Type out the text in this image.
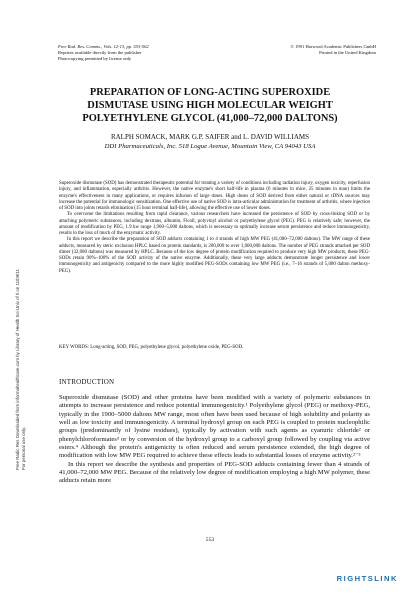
Free Rad. Res. Comms., Vols. 12-13, pp. 553-562
Reprints available directly from the publisher
Photocopying permitted by license only
© 1991 Harwood Academic Publishers GmbH
Printed in the United Kingdom
PREPARATION OF LONG-ACTING SUPEROXIDE
DISMUTASE USING HIGH MOLECULAR WEIGHT
POLYETHYLENE GLYCOL (41,000–72,000 DALTONS)
RALPH SOMACK, MARK G.P. SAIFER and L. DAVID WILLIAMS
DDI Pharmaceuticals, Inc. 518 Logue Avenue, Mountain View, CA 94043 USA

Superoxide dismutase (SOD) has demonstrated therapeutic potential for treating a variety of conditions including radiation injury, oxygen toxicity, reperfusion injury, and inflammation, especially arthritis. However, the native enzyme's short half-life in plasma (6 minutes in mice, 25 minutes in man) limits the enzyme's effectiveness in many applications, or requires infusion of large doses. High doses of SOD derived from either natural or rDNA sources may increase the potential for immunologic sensitization. One effective use of native SOD is intra-articular administration for treatment of arthritis, where injection of SOD into joints retards elimination (15 hour terminal half-life), allowing the effective use of lower doses.

To overcome the limitations resulting from rapid clearance, various researchers have increased the persistence of SOD by cross-linking SOD or by attaching polymeric substances, including dextrans, albumin, Ficoll, polyvinyl alcohol or polyethylene glycol (PEG). PEG is relatively safe; however, the amount of modification by PEG, 1.9 kw range 1,900–5,000 daltons, which is necessary to optimally increase serum persistence and reduce immunogenicity, results in the loss of much of the enzymatic activity.

In this report we describe the preparation of SOD adducts containing 1 to 4 strands of high MW PEG (41,000–72,000 daltons). The MW range of these adducts, measured by steric exclusion HPLC based on protein standards, is 200,000 to over 1,000,000 daltons. The number of PEG strands attached per SOD dimer (32,000 daltons) was measured by HPLC. Because of the low degree of protein modification required to produce very high MW products, these PEG-SODs retain 90%–100% of the SOD activity of the native enzyme. Additionally, these very large adducts demonstrate longer persistence and lower immunogenicity and antigenicity compared to the more highly modified PEG-SODs containing low MW PEG (i.e., 7–16 strands of 5,000 dalton methoxy-PEG).

KEY WORDS: Long-acting, SOD, PEG, polyethylene glycol, polyethylene oxide, PEG-SOD.
INTRODUCTION

Superoxide dismutase (SOD) and other proteins have been modified with a variety of polymeric substances in attempts to increase persistence and reduce potential immunogenicity.¹ Polyethylene glycol (PEG) or methoxy-PEG, typically in the 1900–5000 daltons MW range, most often have been used because of high solubility and polarity as well as low toxicity and immunogenicity. A terminal hydroxyl group on each PEG is coupled to protein nucleophilic groups (predominantly of lysine residues), typically by activation with such agents as cyanuric chloride² or phenylchloroformates³ or by conversion of the hydroxyl group to a carboxyl group followed by coupling via active esters.⁴ Although the protein's antigenicity is often reduced and serum persistence extended, the high degree of modification with low MW PEG required to achieve these effects leads to substantial losses of enzyme activity.²⁻⁵

In this report we describe the synthesis and properties of PEG-SOD adducts containing fewer than 4 strands of 41,000–72,000 MW PEG. Because of the relatively low degree of modification employing a high MW polymer, these adducts retain more

553
Free Radic Res Downloaded from informahealthcare.com by Library of Health Sci-Univ of Il on 11/09/11 For personal use only.
RIGHTSLINK
